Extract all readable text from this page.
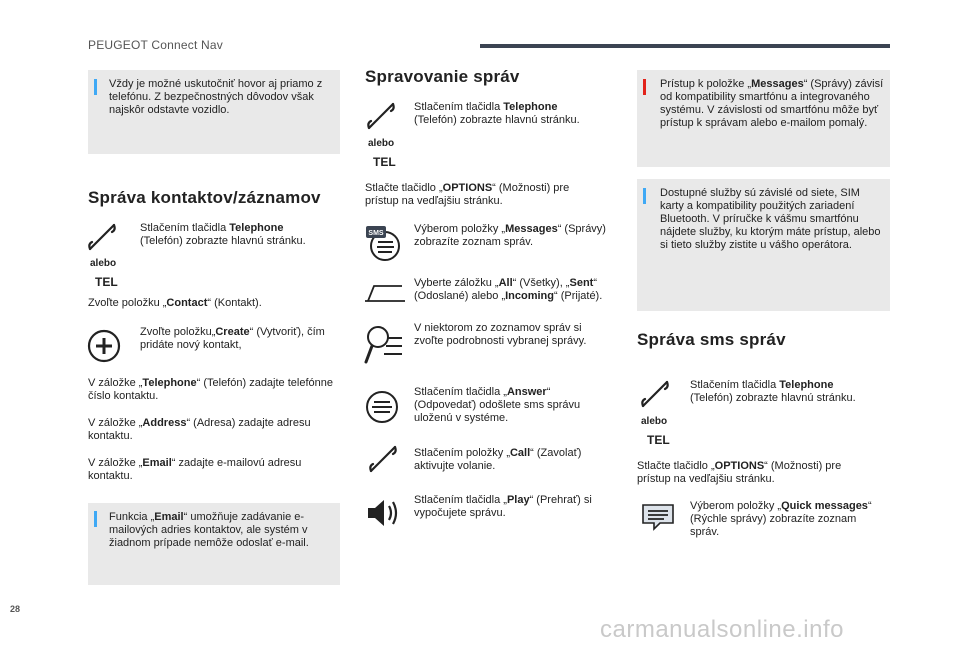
PEUGEOT Connect Nav
Vždy je možné uskutočniť hovor aj priamo z telefónu. Z bezpečnostných dôvodov však najskôr odstavte vozidlo.
Správa kontaktov/záznamov
alebo
TEL
Stlačením tlačidla Telephone
(Telefón) zobrazte hlavnú stránku.
Zvoľte položku „Contact“ (Kontakt).
Zvoľte položku„Create“ (Vytvoriť), čím pridáte nový kontakt,
V záložke „Telephone“ (Telefón) zadajte telefónne číslo kontaktu.
V záložke „Address“ (Adresa) zadajte adresu kontaktu.
V záložke „Email“ zadajte e-mailovú adresu kontaktu.
Funkcia „Email“ umožňuje zadávanie e-mailových adries kontaktov, ale systém v žiadnom prípade nemôže odoslať e-mail.
Spravovanie správ
alebo
TEL
Stlačením tlačidla Telephone
(Telefón) zobrazte hlavnú stránku.
Stlačte tlačidlo „OPTIONS“ (Možnosti) pre prístup na vedľajšiu stránku.
SMS	Výberom položky „Messages“ (Správy) zobrazíte zoznam správ.
Vyberte záložku „All“ (Všetky), „Sent“ (Odoslané) alebo „Incoming“ (Prijaté).
V niektorom zo zoznamov správ si zvoľte podrobnosti vybranej správy.
Stlačením tlačidla „Answer“ (Odpovedať) odošlete sms správu uloženú v systéme.
Stlačením položky „Call“ (Zavolať) aktivujte volanie.
Stlačením tlačidla „Play“ (Prehrať) si vypočujete správu.
Prístup k položke „Messages“ (Správy) závisí od kompatibility smartfónu a integrovaného systému. V závislosti od smartfónu môže byť prístup k správam alebo e-mailom pomalý.
Dostupné služby sú závislé od siete, SIM karty a kompatibility použitých zariadení Bluetooth. V príručke k vášmu smartfónu nájdete služby, ku ktorým máte prístup, alebo si tieto služby zistite u vášho operátora.
Správa sms správ
alebo
TEL
Stlačením tlačidla Telephone
(Telefón) zobrazte hlavnú stránku.
Stlačte tlačidlo „OPTIONS“ (Možnosti) pre prístup na vedľajšiu stránku.
Výberom položky „Quick messages“ (Rýchle správy) zobrazíte zoznam správ.
28
carmanualsonline.info
